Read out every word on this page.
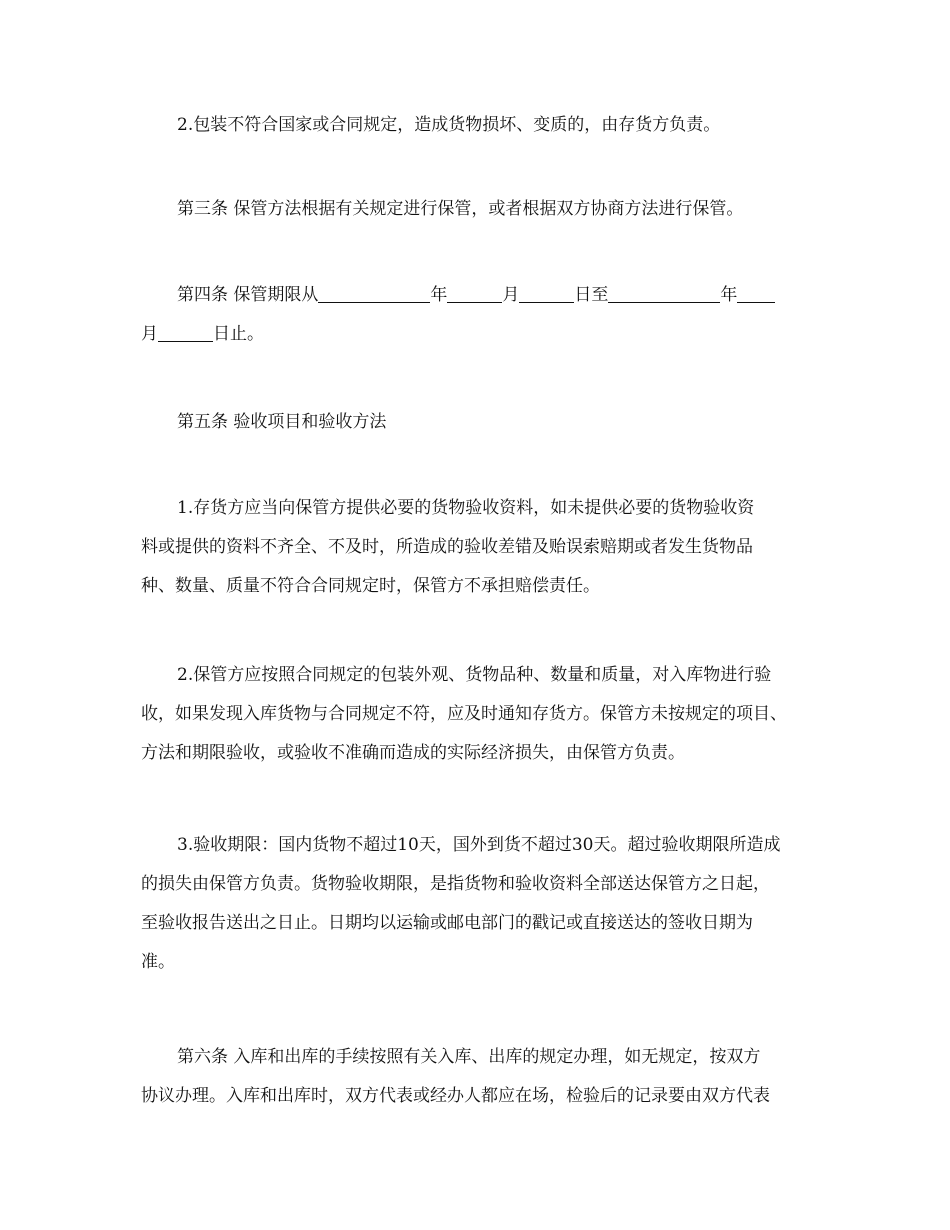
2.包装不符合国家或合同规定，造成货物损坏、变质的，由存货方负责。

第三条 保管方法根据有关规定进行保管，或者根据双方协商方法进行保管。

第四条 保管期限从	年	月	日至	年
月	日止。

第五条 验收项目和验收方法

1.存货方应当向保管方提供必要的货物验收资料，如未提供必要的货物验收资
料或提供的资料不齐全、不及时，所造成的验收差错及贻误索赔期或者发生货物品
种、数量、质量不符合合同规定时，保管方不承担赔偿责任。

2.保管方应按照合同规定的包装外观、货物品种、数量和质量，对入库物进行验
收，如果发现入库货物与合同规定不符，应及时通知存货方。保管方未按规定的项目、
方法和期限验收，或验收不准确而造成的实际经济损失，由保管方负责。

3.验收期限：国内货物不超过10天，国外到货不超过30天。超过验收期限所造成
的损失由保管方负责。货物验收期限，是指货物和验收资料全部送达保管方之日起，
至验收报告送出之日止。日期均以运输或邮电部门的戳记或直接送达的签收日期为
准。

第六条 入库和出库的手续按照有关入库、出库的规定办理，如无规定，按双方
协议办理。入库和出库时，双方代表或经办人都应在场，检验后的记录要由双方代表
